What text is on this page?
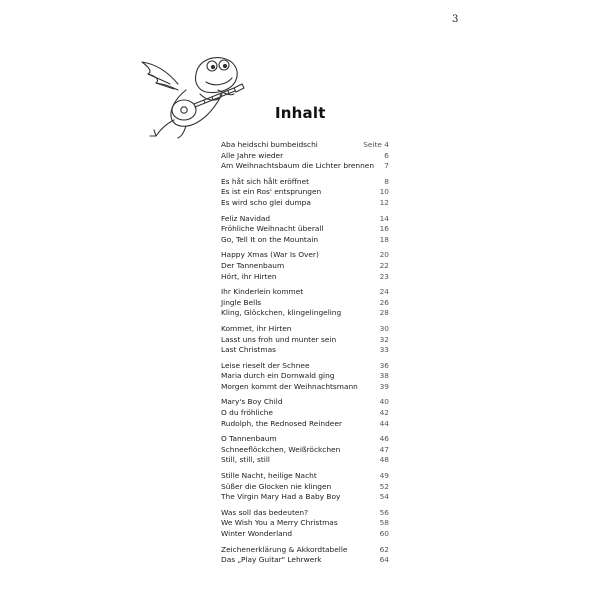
3
Inhalt
Aba heidschi bumbeidschi	Seite 4
Alle Jahre wieder	6
Am Weihnachtsbaum die Lichter brennen 7
Es håt sich hålt eröffnet	8
Es ist ein Ros' entsprungen	10
Es wird scho glei dumpa	12
Feliz Navidad	14
Fröhliche Weihnacht überall	16
Go, Tell It on the Mountain	18
Happy Xmas (War Is Over)	20
Der Tannenbaum	22
Hört, ihr Hirten	23
Ihr Kinderlein kommet	24
Jingle Bells	26
Kling, Glöckchen, klingelingeling	28
Kommet, ihr Hirten	30
Lasst uns froh und munter sein	32
Last Christmas	33
Leise rieselt der Schnee	36
Maria durch ein Dornwald ging	38
Morgen kommt der Weihnachtsmann	39
Mary's Boy Child	40
O du fröhliche	42
Rudolph, the Rednosed Reindeer	44
O Tannenbaum	46
Schneeflöckchen, Weißröckchen	47
Still, still, still	48
Stille Nacht, heilige Nacht	49
Süßer die Glocken nie klingen	52
The Virgin Mary Had a Baby Boy	54
Was soll das bedeuten?	56
We Wish You a Merry Christmas	58
Winter Wonderland	60
Zeichenerklärung & Akkordtabelle	62
Das „Play Guitar" Lehrwerk	64
